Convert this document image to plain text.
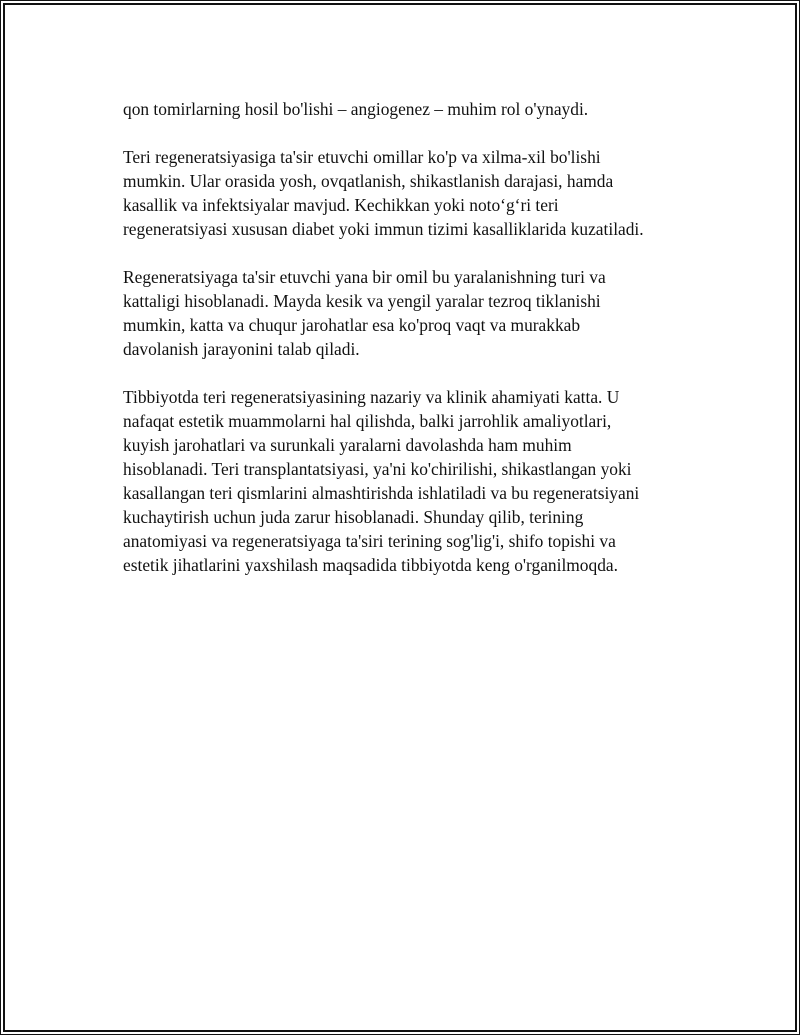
qon tomirlarning hosil bo'lishi – angiogenez – muhim rol o'ynaydi.

Teri regeneratsiyasiga ta'sir etuvchi omillar ko'p va xilma-xil bo'lishi
mumkin. Ular orasida yosh, ovqatlanish, shikastlanish darajasi, hamda
kasallik va infektsiyalar mavjud. Kechikkan yoki noto‘g‘ri teri
regeneratsiyasi xususan diabet yoki immun tizimi kasalliklarida kuzatiladi.

Regeneratsiyaga ta'sir etuvchi yana bir omil bu yaralanishning turi va
kattaligi hisoblanadi. Mayda kesik va yengil yaralar tezroq tiklanishi
mumkin, katta va chuqur jarohatlar esa ko'proq vaqt va murakkab
davolanish jarayonini talab qiladi.

Tibbiyotda teri regeneratsiyasining nazariy va klinik ahamiyati katta. U
nafaqat estetik muammolarni hal qilishda, balki jarrohlik amaliyotlari,
kuyish jarohatlari va surunkali yaralarni davolashda ham muhim
hisoblanadi. Teri transplantatsiyasi, ya'ni ko'chirilishi, shikastlangan yoki
kasallangan teri qismlarini almashtirishda ishlatiladi va bu regeneratsiyani
kuchaytirish uchun juda zarur hisoblanadi. Shunday qilib, terining
anatomiyasi va regeneratsiyaga ta'siri terining sog'lig'i, shifo topishi va
estetik jihatlarini yaxshilash maqsadida tibbiyotda keng o'rganilmoqda.
